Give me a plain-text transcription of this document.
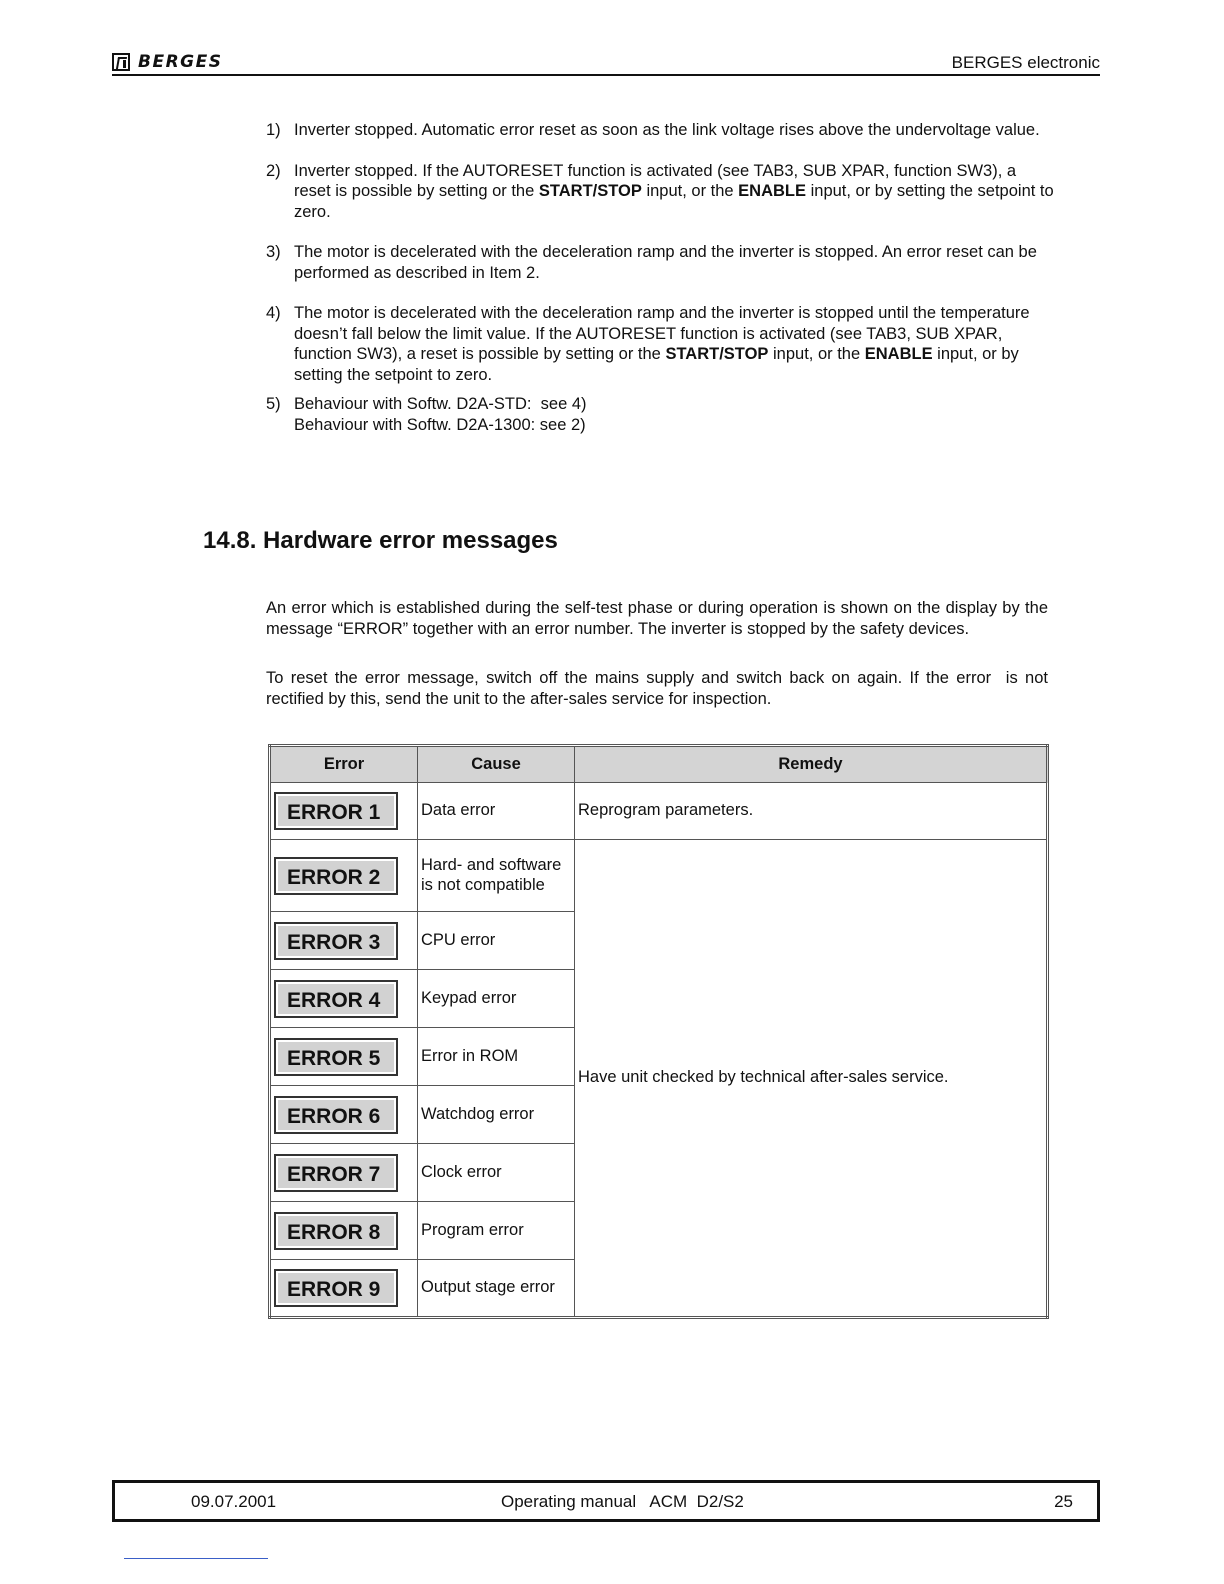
BERGES	BERGES electronic
1) Inverter stopped. Automatic error reset as soon as the link voltage rises above the undervoltage value.

2) Inverter stopped. If the AUTORESET function is activated (see TAB3, SUB XPAR, function SW3), a reset is possible by setting or the START/STOP input, or the ENABLE input, or by setting the setpoint to zero.

3) The motor is decelerated with the deceleration ramp and the inverter is stopped. An error reset can be performed as described in Item 2.

4) The motor is decelerated with the deceleration ramp and the inverter is stopped until the temperature doesn’t fall below the limit value. If the AUTORESET function is activated (see TAB3, SUB XPAR, function SW3), a reset is possible by setting or the START/STOP input, or the ENABLE input, or by setting the setpoint to zero.

5) Behaviour with Softw. D2A-STD:  see 4)

Behaviour with Softw. D2A-1300: see 2)

14.8. Hardware error messages

An error which is established during the self-test phase or during operation is shown on the display by the message “ERROR” together with an error number. The inverter is stopped by the safety devices.

To reset the error message, switch off the mains supply and switch back on again. If the error  is not rectified by this, send the unit to the after-sales service for inspection.

Error	Cause	Remedy

ERROR 1	Data error	Reprogram parameters.

ERROR 2	Hard- and software is not compatible	Have unit checked by technical after-sales service.

ERROR 3	CPU error	

ERROR 4	Keypad error	

ERROR 5	Error in ROM	

ERROR 6	Watchdog error	

ERROR 7	Clock error	

ERROR 8	Program error	

ERROR 9	Output stage error	
09.07.2001	Operating manual   ACM  D2/S2	25
